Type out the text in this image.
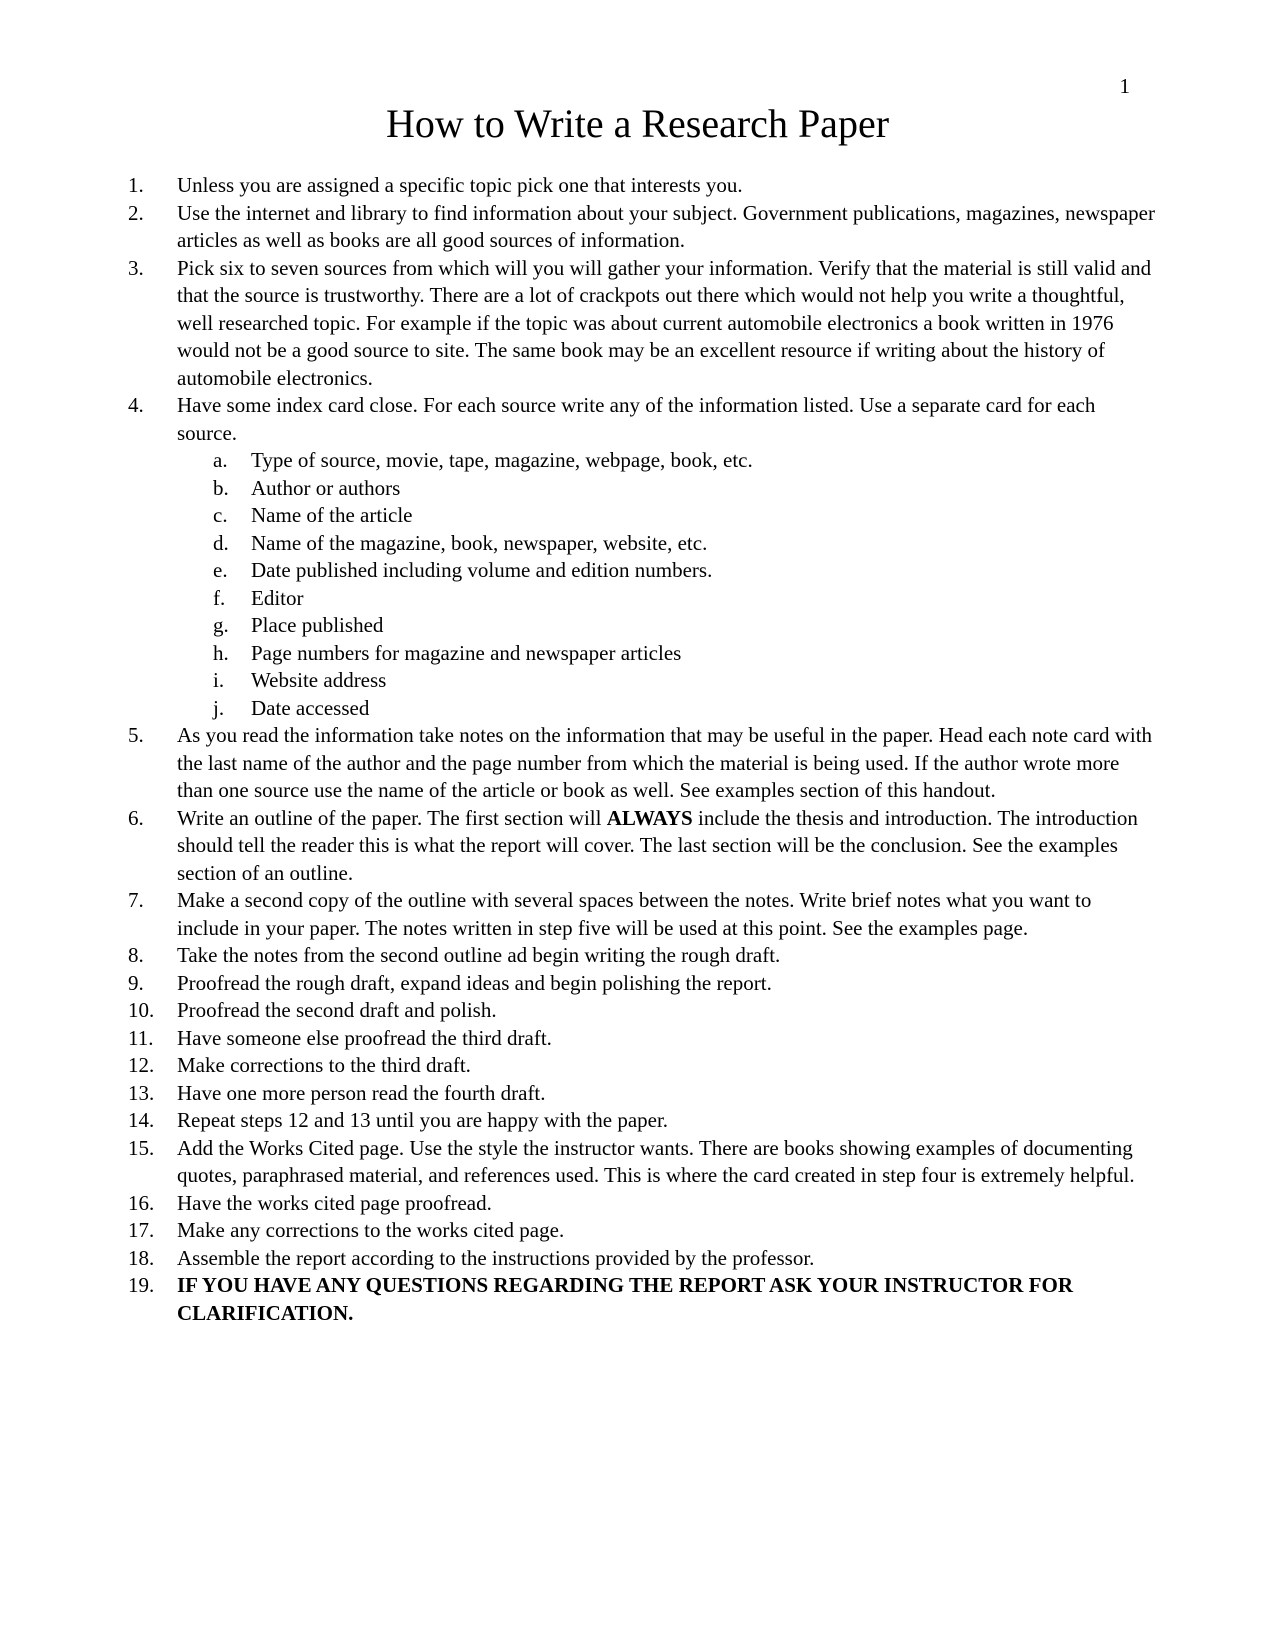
1
How to Write a Research Paper
1.	Unless you are assigned a specific topic pick one that interests you.
2.	Use the internet and library to find information about your subject. Government publications, magazines, newspaper articles as well as books are all good sources of information.
3.	Pick six to seven sources from which will you will gather your information. Verify that the material is still valid and that the source is trustworthy. There are a lot of crackpots out there which would not help you write a thoughtful, well researched topic. For example if the topic was about current automobile electronics a book written in 1976 would not be a good source to site. The same book may be an excellent resource if writing about the history of automobile electronics.
4.	Have some index card close. For each source write any of the information listed. Use a separate card for each source.
a. Type of source, movie, tape, magazine, webpage, book, etc.
b. Author or authors
c. Name of the article
d. Name of the magazine, book, newspaper, website, etc.
e. Date published including volume and edition numbers.
f. Editor
g. Place published
h. Page numbers for magazine and newspaper articles
i. Website address
j. Date accessed
5.	As you read the information take notes on the information that may be useful in the paper. Head each note card with the last name of the author and the page number from which the material is being used. If the author wrote more than one source use the name of the article or book as well. See examples section of this handout.
6.	Write an outline of the paper. The first section will ALWAYS include the thesis and introduction. The introduction should tell the reader this is what the report will cover. The last section will be the conclusion. See the examples section of an outline.
7.	Make a second copy of the outline with several spaces between the notes. Write brief notes what you want to include in your paper. The notes written in step five will be used at this point. See the examples page.
8.	Take the notes from the second outline ad begin writing the rough draft.
9.	Proofread the rough draft, expand ideas and begin polishing the report.
10.	Proofread the second draft and polish.
11.	Have someone else proofread the third draft.
12.	Make corrections to the third draft.
13.	Have one more person read the fourth draft.
14.	Repeat steps 12 and 13 until you are happy with the paper.
15.	Add the Works Cited page. Use the style the instructor wants. There are books showing examples of documenting quotes, paraphrased material, and references used. This is where the card created in step four is extremely helpful.
16.	Have the works cited page proofread.
17.	Make any corrections to the works cited page.
18.	Assemble the report according to the instructions provided by the professor.
19.	IF YOU HAVE ANY QUESTIONS REGARDING THE REPORT ASK YOUR INSTRUCTOR FOR CLARIFICATION.
